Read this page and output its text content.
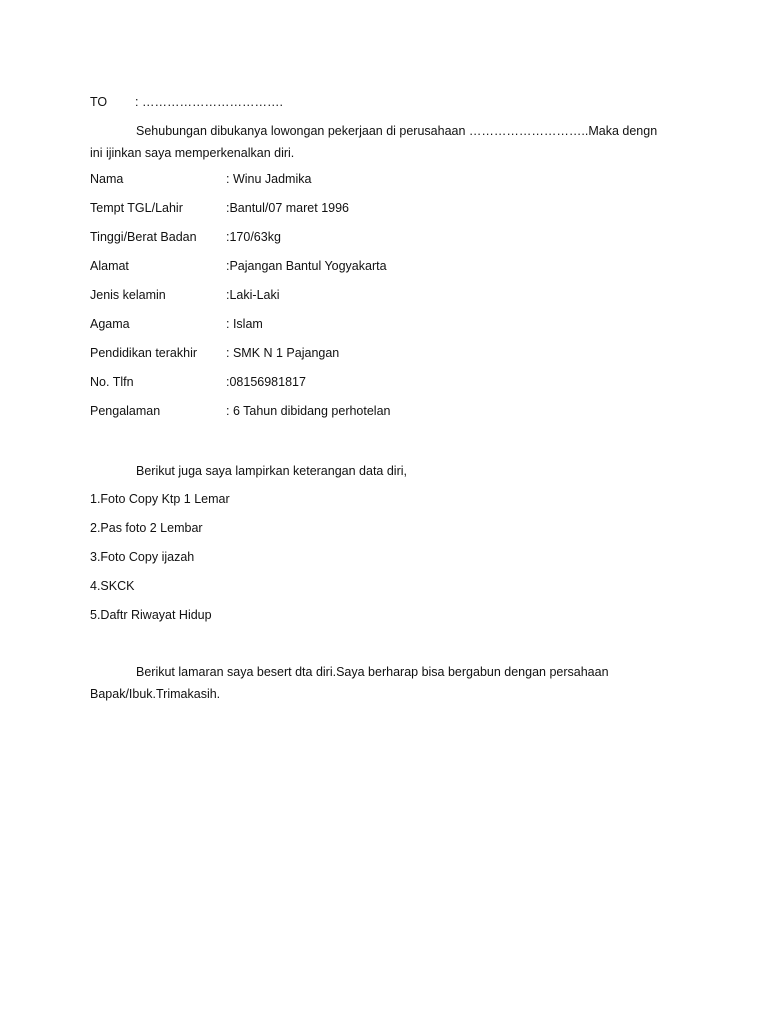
TO : …………………………….
Sehubungan dibukanya lowongan pekerjaan di perusahaan ………………………..Maka dengn ini ijinkan saya memperkenalkan diri.
Nama	: Winu Jadmika
Tempt TGL/Lahir	:Bantul/07 maret 1996
Tinggi/Berat Badan :170/63kg
Alamat	:Pajangan Bantul Yogyakarta
Jenis kelamin	:Laki-Laki
Agama	: Islam
Pendidikan terakhir : SMK N 1 Pajangan
No. Tlfn	:08156981817
Pengalaman	: 6 Tahun dibidang perhotelan
Berikut juga saya lampirkan keterangan data diri,
1.Foto Copy Ktp 1 Lemar
2.Pas foto 2 Lembar
3.Foto Copy ijazah
4.SKCK
5.Daftr Riwayat Hidup
Berikut lamaran saya besert dta diri.Saya berharap bisa bergabun dengan persahaan Bapak/Ibuk.Trimakasih.
